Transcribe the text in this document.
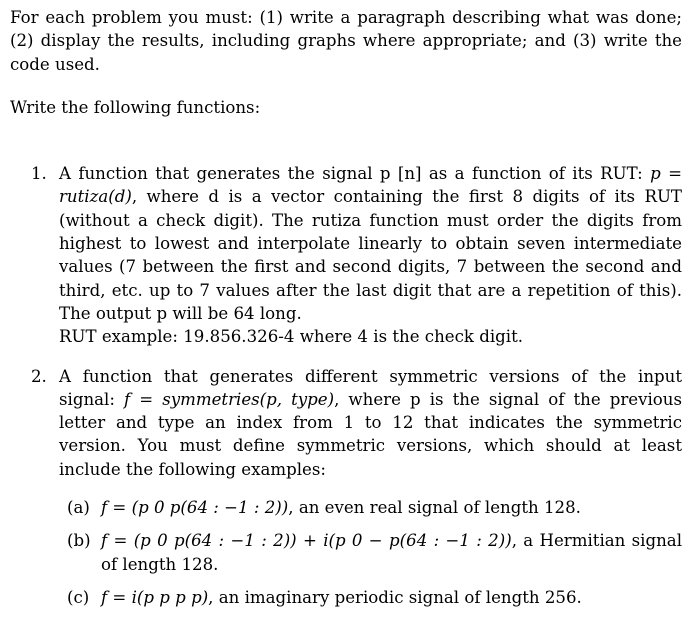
For each problem you must: (1) write a paragraph describing what was done; (2) display the results, including graphs where appropriate; and (3) write the code used.

Write the following functions:

1. A function that generates the signal p [n] as a function of its RUT: p = rutiza(d), where d is a vector containing the first 8 digits of its RUT (without a check digit). The rutiza function must order the digits from highest to lowest and interpolate linearly to obtain seven intermediate values (7 between the first and second digits, 7 between the second and third, etc. up to 7 values after the last digit that are a repetition of this). The output p will be 64 long.

RUT example: 19.856.326-4 where 4 is the check digit.

2. A function that generates different symmetric versions of the input signal: f = symmetries(p, type), where p is the signal of the previous letter and type an index from 1 to 12 that indicates the symmetric version. You must define symmetric versions, which should at least include the following examples:

(a) f = (p 0 p(64 : −1 : 2)), an even real signal of length 128.
(b) f = (p 0 p(64 : −1 : 2)) + i(p 0 − p(64 : −1 : 2)), a Hermitian signal of length 128.
(c) f = i(p p p p), an imaginary periodic signal of length 256.
